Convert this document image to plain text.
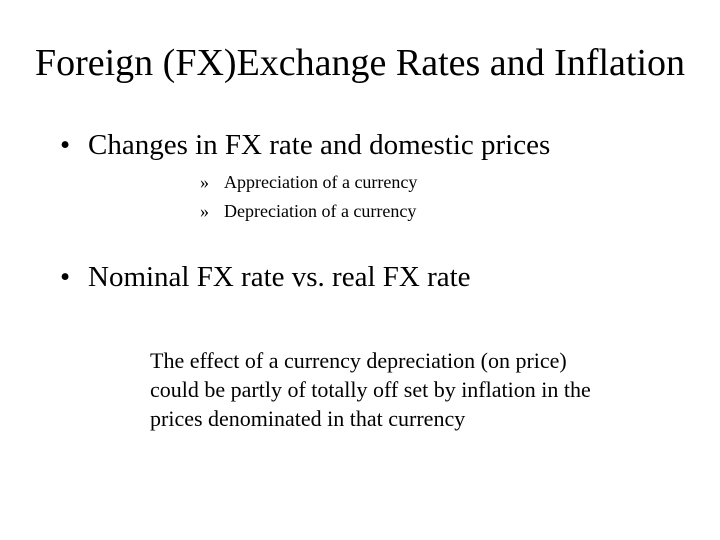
Foreign (FX)Exchange Rates and Inflation
• Changes in FX rate and domestic prices
» Appreciation of a currency
» Depreciation of a currency
• Nominal FX rate vs. real FX rate
The effect of a currency depreciation (on price)
could be partly of totally off set by inflation in the
prices denominated in that currency
